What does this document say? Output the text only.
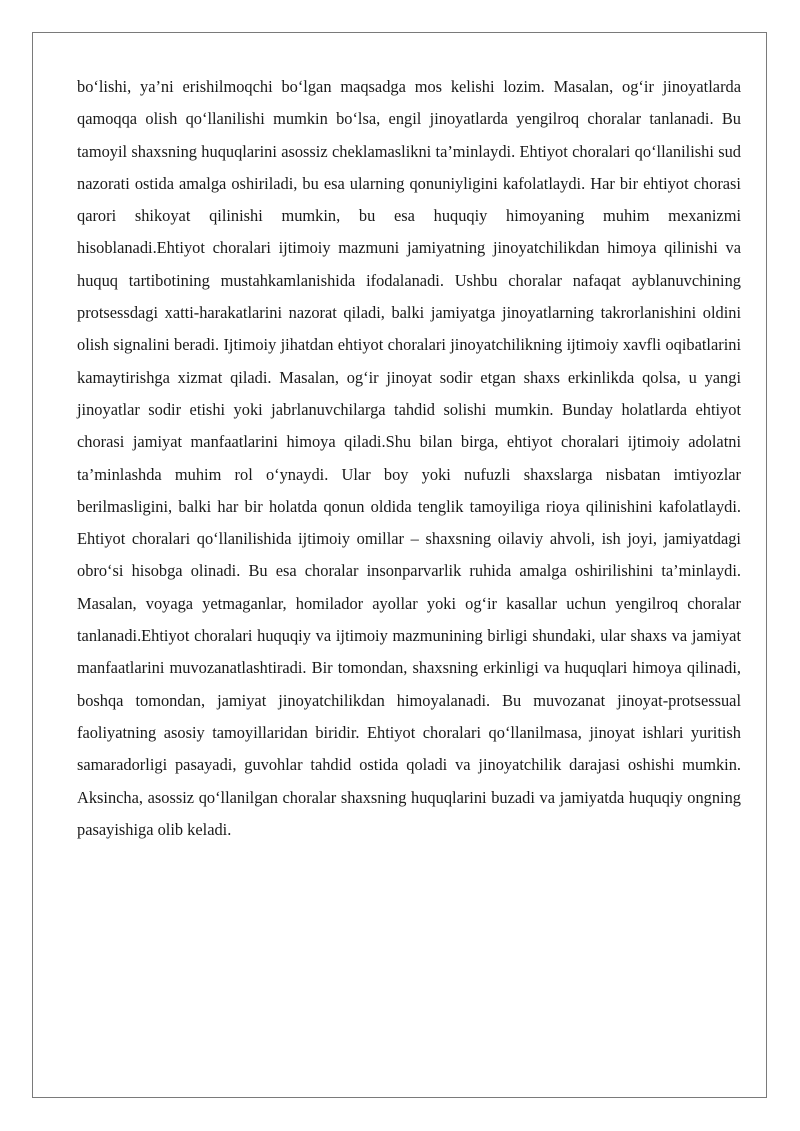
bo‘lishi, ya’ni erishilmoqchi bo‘lgan maqsadga mos kelishi lozim. Masalan, og‘ir jinoyatlarda qamoqqa olish qo‘llanilishi mumkin bo‘lsa, engil jinoyatlarda yengilroq choralar tanlanadi. Bu tamoyil shaxsning huquqlarini asossiz cheklamaslikni ta’minlaydi. Ehtiyot choralari qo‘llanilishi sud nazorati ostida amalga oshiriladi, bu esa ularning qonuniyligini kafolatlaydi. Har bir ehtiyot chorasi qarori shikoyat qilinishi mumkin, bu esa huquqiy himoyaning muhim mexanizmi hisoblanadi.Ehtiyot choralari ijtimoiy mazmuni jamiyatning jinoyatchilikdan himoya qilinishi va huquq tartibotining mustahkamlanishida ifodalanadi. Ushbu choralar nafaqat ayblanuvchining protsessdagi xatti-harakatlarini nazorat qiladi, balki jamiyatga jinoyatlarning takrorlanishini oldini olish signalini beradi. Ijtimoiy jihatdan ehtiyot choralari jinoyatchilikning ijtimoiy xavfli oqibatlarini kamaytirishga xizmat qiladi. Masalan, og‘ir jinoyat sodir etgan shaxs erkinlikda qolsa, u yangi jinoyatlar sodir etishi yoki jabrlanuvchilarga tahdid solishi mumkin. Bunday holatlarda ehtiyot chorasi jamiyat manfaatlarini himoya qiladi.Shu bilan birga, ehtiyot choralari ijtimoiy adolatni ta’minlashda muhim rol o‘ynaydi. Ular boy yoki nufuzli shaxslarga nisbatan imtiyozlar berilmasligini, balki har bir holatda qonun oldida tenglik tamoyiliga rioya qilinishini kafolatlaydi. Ehtiyot choralari qo‘llanilishida ijtimoiy omillar – shaxsning oilaviy ahvoli, ish joyi, jamiyatdagi obro‘si hisobga olinadi. Bu esa choralar insonparvarlik ruhida amalga oshirilishini ta’minlaydi. Masalan, voyaga yetmaganlar, homilador ayollar yoki og‘ir kasallar uchun yengilroq choralar tanlanadi.Ehtiyot choralari huquqiy va ijtimoiy mazmunining birligi shundaki, ular shaxs va jamiyat manfaatlarini muvozanatlashtiradi. Bir tomondan, shaxsning erkinligi va huquqlari himoya qilinadi, boshqa tomondan, jamiyat jinoyatchilikdan himoyalanadi. Bu muvozanat jinoyat-protsessual faoliyatning asosiy tamoyillaridan biridir. Ehtiyot choralari qo‘llanilmasa, jinoyat ishlari yuritish samaradorligi pasayadi, guvohlar tahdid ostida qoladi va jinoyatchilik darajasi oshishi mumkin. Aksincha, asossiz qo‘llanilgan choralar shaxsning huquqlarini buzadi va jamiyatda huquqiy ongning pasayishiga olib keladi.
